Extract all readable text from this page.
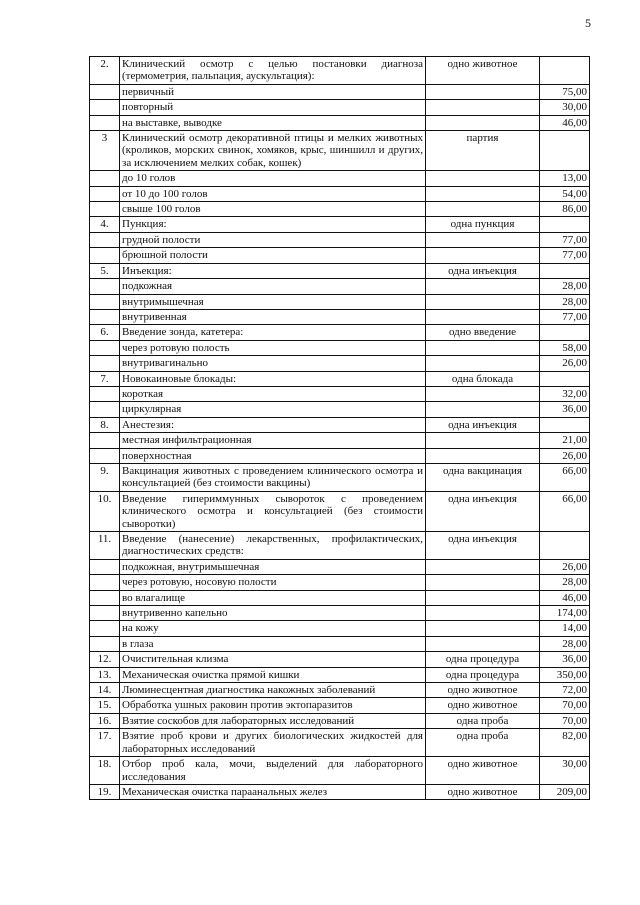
5
2.	Клинический осмотр с целью постановки диагноза (термометрия, пальпация, аускультация):	одно животное	
	первичный		75,00
	повторный		30,00
	на выставке, выводке		46,00
3	Клинический осмотр декоративной птицы и мелких животных (кроликов, морских свинок, хомяков, крыс, шиншилл и других, за исключением мелких собак, кошек)	партия	
	до 10 голов		13,00
	от 10 до 100 голов		54,00
	свыше 100 голов		86,00
4.	Пункция:	одна пункция	
	грудной полости		77,00
	брюшной полости		77,00
5.	Инъекция:	одна инъекция	
	подкожная		28,00
	внутримышечная		28,00
	внутривенная		77,00
6.	Введение зонда, катетера:	одно введение	
	через ротовую полость		58,00
	внутривагинально		26,00
7.	Новокаиновые блокады:	одна блокада	
	короткая		32,00
	циркулярная		36,00
8.	Анестезия:	одна инъекция	
	местная инфильтрационная		21,00
	поверхностная		26,00
9.	Вакцинация животных с проведением клинического осмотра и консультацией (без стоимости вакцины)	одна вакцинация	66,00
10.	Введение гипериммунных сывороток с проведением клинического осмотра и консультацией (без стоимости сыворотки)	одна инъекция	66,00
11.	Введение (нанесение) лекарственных, профилактических, диагностических средств:	одна инъекция	
	подкожная, внутримышечная		26,00
	через ротовую, носовую полости		28,00
	во влагалище		46,00
	внутривенно капельно		174,00
	на кожу		14,00
	в глаза		28,00
12.	Очистительная клизма	одна процедура	36,00
13.	Механическая очистка прямой кишки	одна процедура	350,00
14.	Люминесцентная диагностика накожных заболеваний	одно животное	72,00
15.	Обработка ушных раковин против эктопаразитов	одно животное	70,00
16.	Взятие соскобов для лабораторных исследований	одна проба	70,00
17.	Взятие проб крови и других биологических жидкостей для лабораторных исследований	одна проба	82,00
18.	Отбор проб кала, мочи, выделений для лабораторного исследования	одно животное	30,00
19.	Механическая очистка параанальных желез	одно животное	209,00
